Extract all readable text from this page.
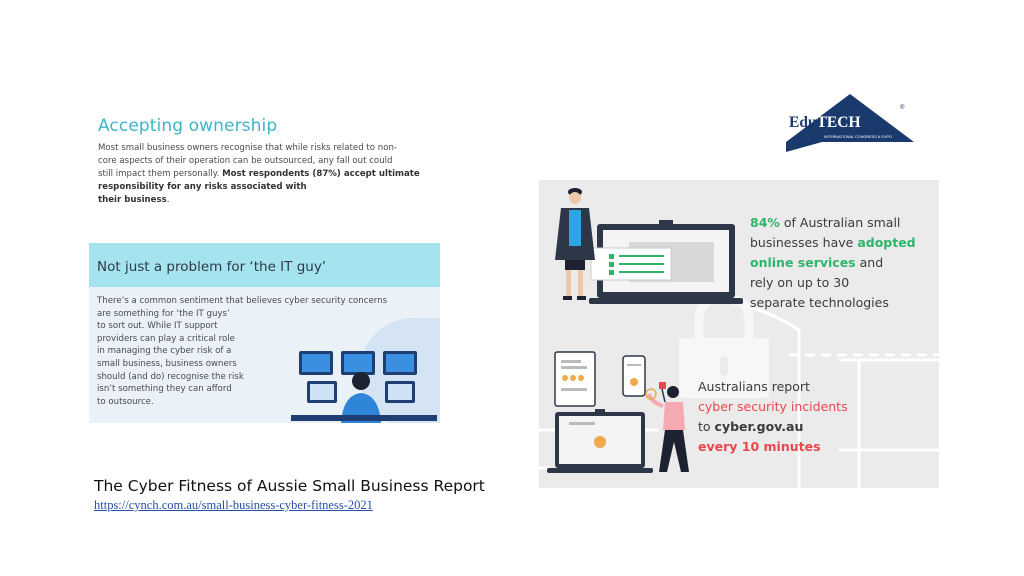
Accepting ownership

Most small business owners recognise that while risks related to non-
core aspects of their operation can be outsourced, any fall out could
still impact them personally. Most respondents (87%) accept ultimate
responsibility for any risks associated with
their business.

Not just a problem for ‘the IT guy’
There’s a common sentiment that believes cyber security concerns
are something for ‘the IT guys’
to sort out. While IT support
providers can play a critical role
in managing the cyber risk of a
small business, business owners
should (and do) recognise the risk
isn’t something they can afford
to outsource.
The Cyber Fitness of Aussie Small Business Report
https://cynch.com.au/small-business-cyber-fitness-2021
EduTECH
®
INTERNATIONAL CONGRESS & EXPO
84% of Australian small
businesses have adopted
online services and
rely on up to 30
separate technologies
Australians report
cyber security incidents
to cyber.gov.au
every 10 minutes
